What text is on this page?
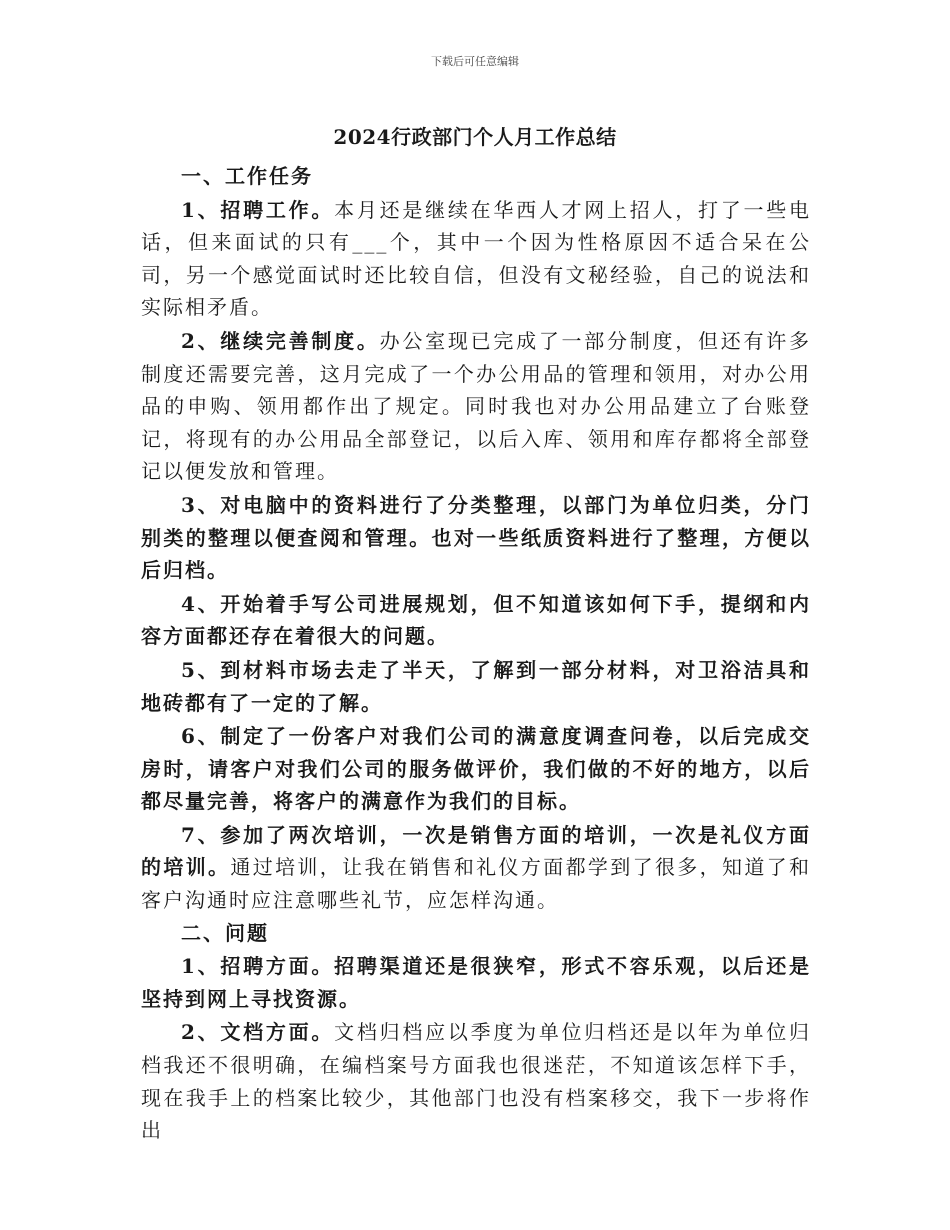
下载后可任意编辑
2024行政部门个人月工作总结

一、工作任务

1、招聘工作。本月还是继续在华西人才网上招人，打了一些电话，但来面试的只有___个，其中一个因为性格原因不适合呆在公司，另一个感觉面试时还比较自信，但没有文秘经验，自己的说法和实际相矛盾。

2、继续完善制度。办公室现已完成了一部分制度，但还有许多制度还需要完善，这月完成了一个办公用品的管理和领用，对办公用品的申购、领用都作出了规定。同时我也对办公用品建立了台账登记，将现有的办公用品全部登记，以后入库、领用和库存都将全部登记以便发放和管理。

3、对电脑中的资料进行了分类整理，以部门为单位归类，分门别类的整理以便查阅和管理。也对一些纸质资料进行了整理，方便以后归档。

4、开始着手写公司进展规划，但不知道该如何下手，提纲和内容方面都还存在着很大的问题。

5、到材料市场去走了半天，了解到一部分材料，对卫浴洁具和地砖都有了一定的了解。

6、制定了一份客户对我们公司的满意度调查问卷，以后完成交房时，请客户对我们公司的服务做评价，我们做的不好的地方，以后都尽量完善，将客户的满意作为我们的目标。

7、参加了两次培训，一次是销售方面的培训，一次是礼仪方面的培训。通过培训，让我在销售和礼仪方面都学到了很多，知道了和客户沟通时应注意哪些礼节，应怎样沟通。

二、问题

1、招聘方面。招聘渠道还是很狭窄，形式不容乐观，以后还是坚持到网上寻找资源。

2、文档方面。文档归档应以季度为单位归档还是以年为单位归档我还不很明确，在编档案号方面我也很迷茫，不知道该怎样下手，现在我手上的档案比较少，其他部门也没有档案移交，我下一步将作出
